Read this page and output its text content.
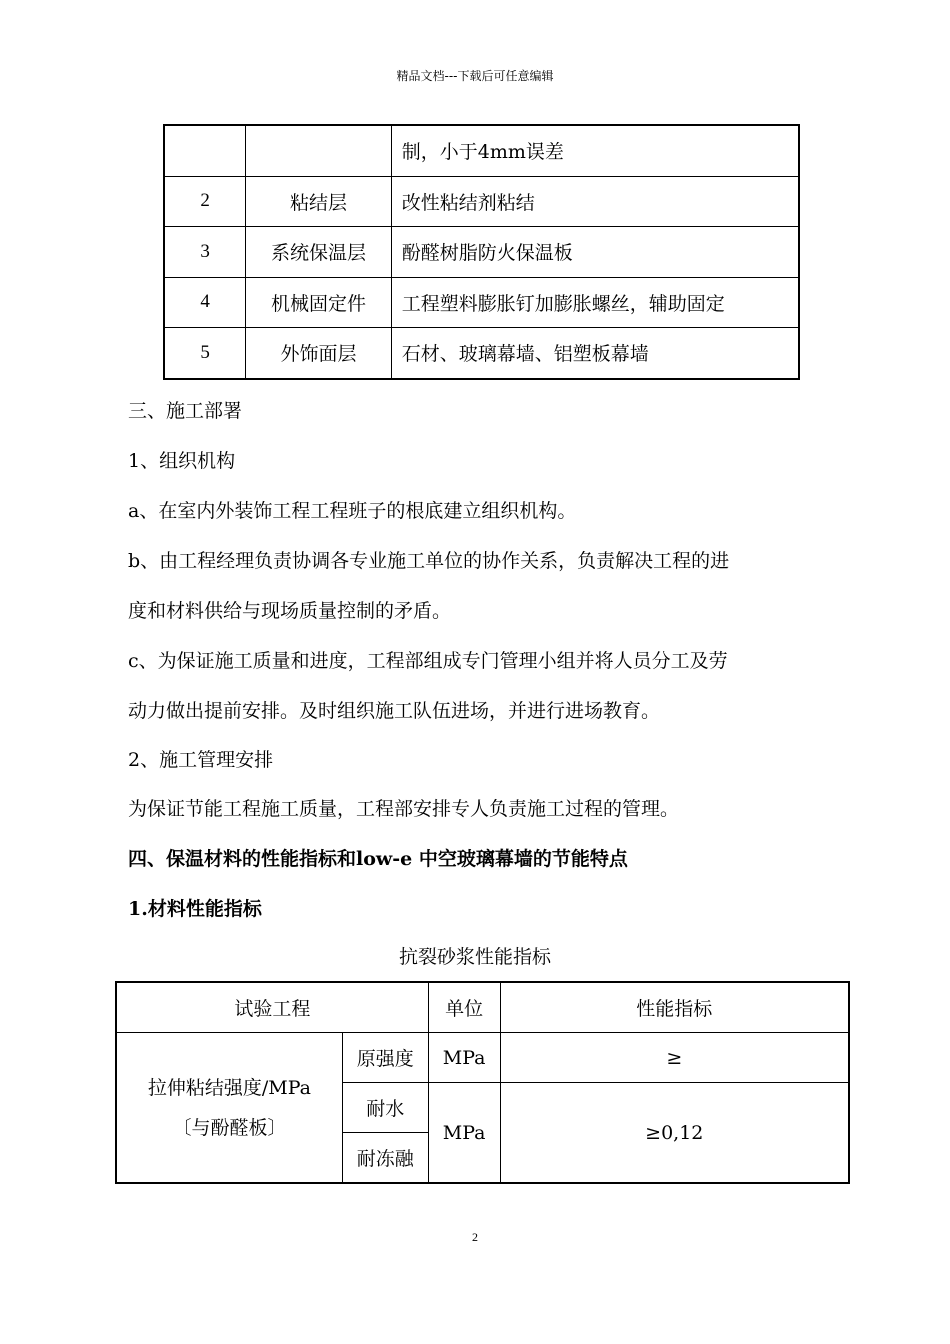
精品文档---下载后可任意编辑
		制，小于4mm误差
2	粘结层	改性粘结剂粘结
3	系统保温层	酚醛树脂防火保温板
4	机械固定件	工程塑料膨胀钉加膨胀螺丝，辅助固定
5	外饰面层	石材、玻璃幕墙、铝塑板幕墙
三、施工部署
1、组织机构
a、在室内外装饰工程工程班子的根底建立组织机构。
b、由工程经理负责协调各专业施工单位的协作关系，负责解决工程的进
度和材料供给与现场质量控制的矛盾。
c、为保证施工质量和进度，工程部组成专门管理小组并将人员分工及劳
动力做出提前安排。及时组织施工队伍进场，并进行进场教育。
2、施工管理安排
为保证节能工程施工质量，工程部安排专人负责施工过程的管理。
四、保温材料的性能指标和low-e 中空玻璃幕墙的节能特点
1.材料性能指标
抗裂砂浆性能指标
试验工程		单位	性能指标

拉伸粘结强度/MPa
〔与酚醛板〕	原强度	MPa	≥
	耐水	MPa	≥0,12
	耐冻融		
2
